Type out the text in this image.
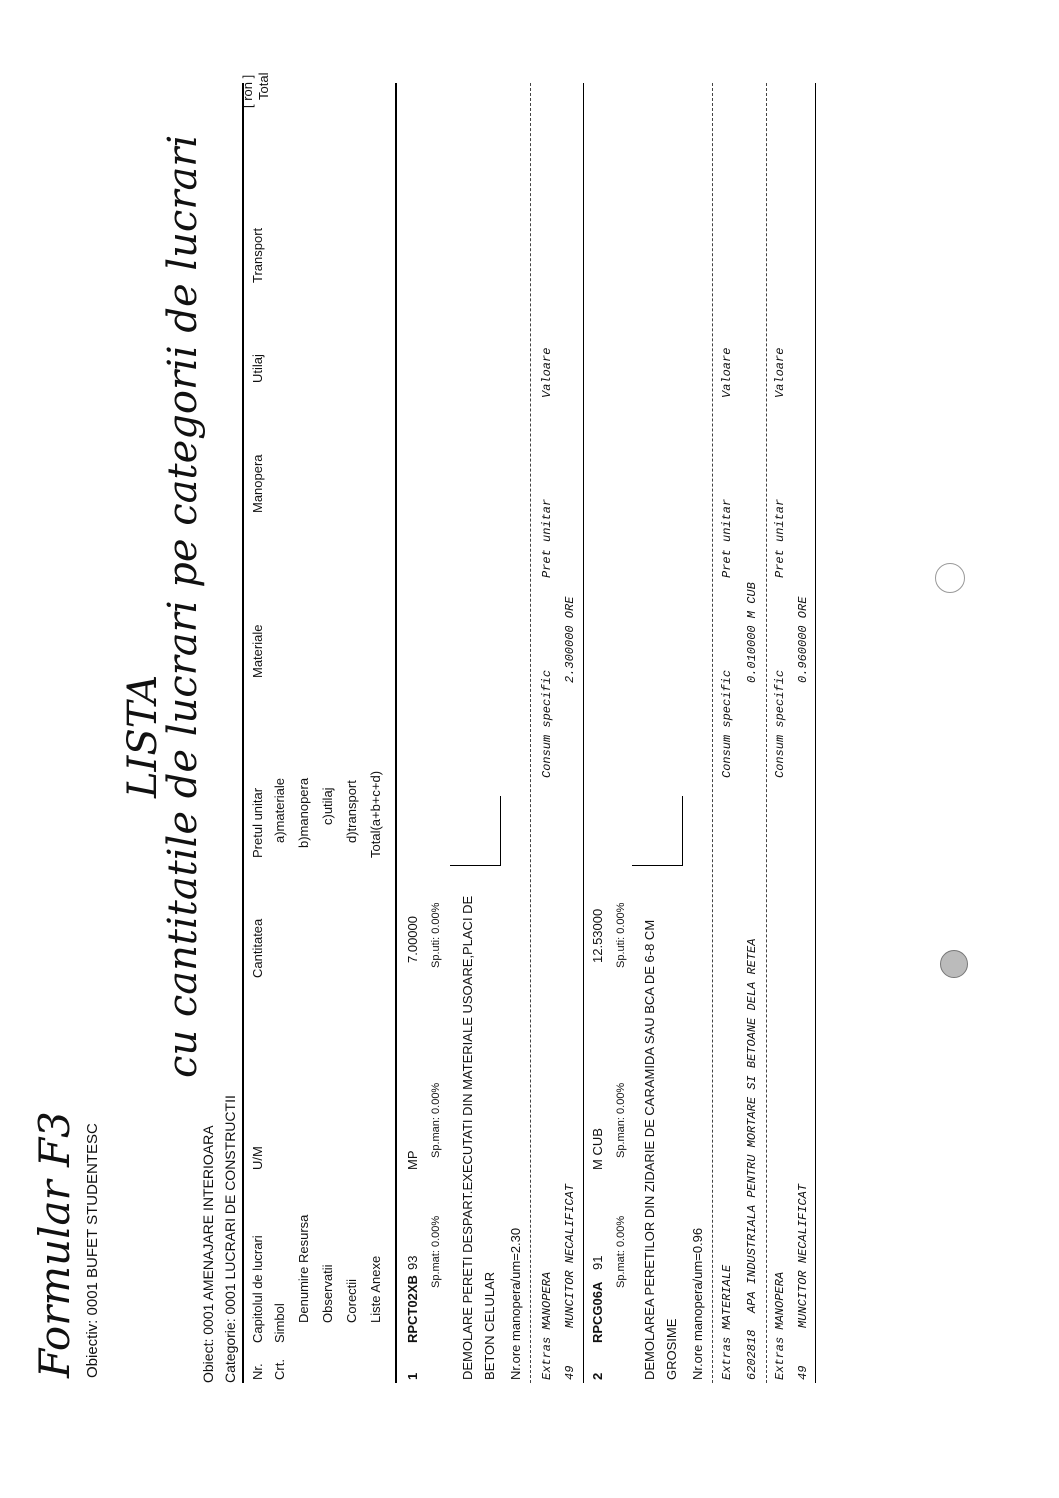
Formular F3 Obiectiv: 0001 BUFET STUDENTESC
LISTA
cu cantitatile de lucrari pe categorii de lucrari
Obiect: 0001 AMENAJARE INTERIOARA Categorie: 0001 LUCRARI DE CONSTRUCTII
[ ron ]
Nr. Crt.
Capitolul de lucrari Simbol
Denumire Resursa Observatii Corectii Liste Anexe
U/M
Cantitatea
Pretul unitar a)materiale b)manopera c)utilaj d)transport Total(a+b+c+d)
Materiale
Manopera
Utilaj
Transport
Total
1
RPCT02XB
93
MP
7.00000
Sp.mat: 0.00%
Sp.man: 0.00%
Sp.uti: 0.00% DEMOLARE PERETI DESPART.EXECUTATI DIN MATERIALE USOARE,PLACI DE BETON CELULAR Nr.ore manopera/um=2.30 Extras MANOPERA
Consum specific
Pret unitar
Valoare
49
MUNCITOR NECALIFICAT
2.300000 ORE
2
RPCG06A
91
M CUB
12.53000
Sp.mat: 0.00%
Sp.man: 0.00%
Sp.uti: 0.00% DEMOLAREA PERETILOR DIN ZIDARIE DE CARAMIDA SAU BCA DE 6-8 CM GROSIME Nr.ore manopera/um=0.96 Extras MATERIALE
Consum specific
Pret unitar
Valoare
6202818
APA INDUSTRIALA PENTRU MORTARE SI BETOANE DELA RETEA
0.010000 M CUB
Extras MANOPERA
Consum specific
Pret unitar
Valoare
49
MUNCITOR NECALIFICAT
0.960000 ORE
